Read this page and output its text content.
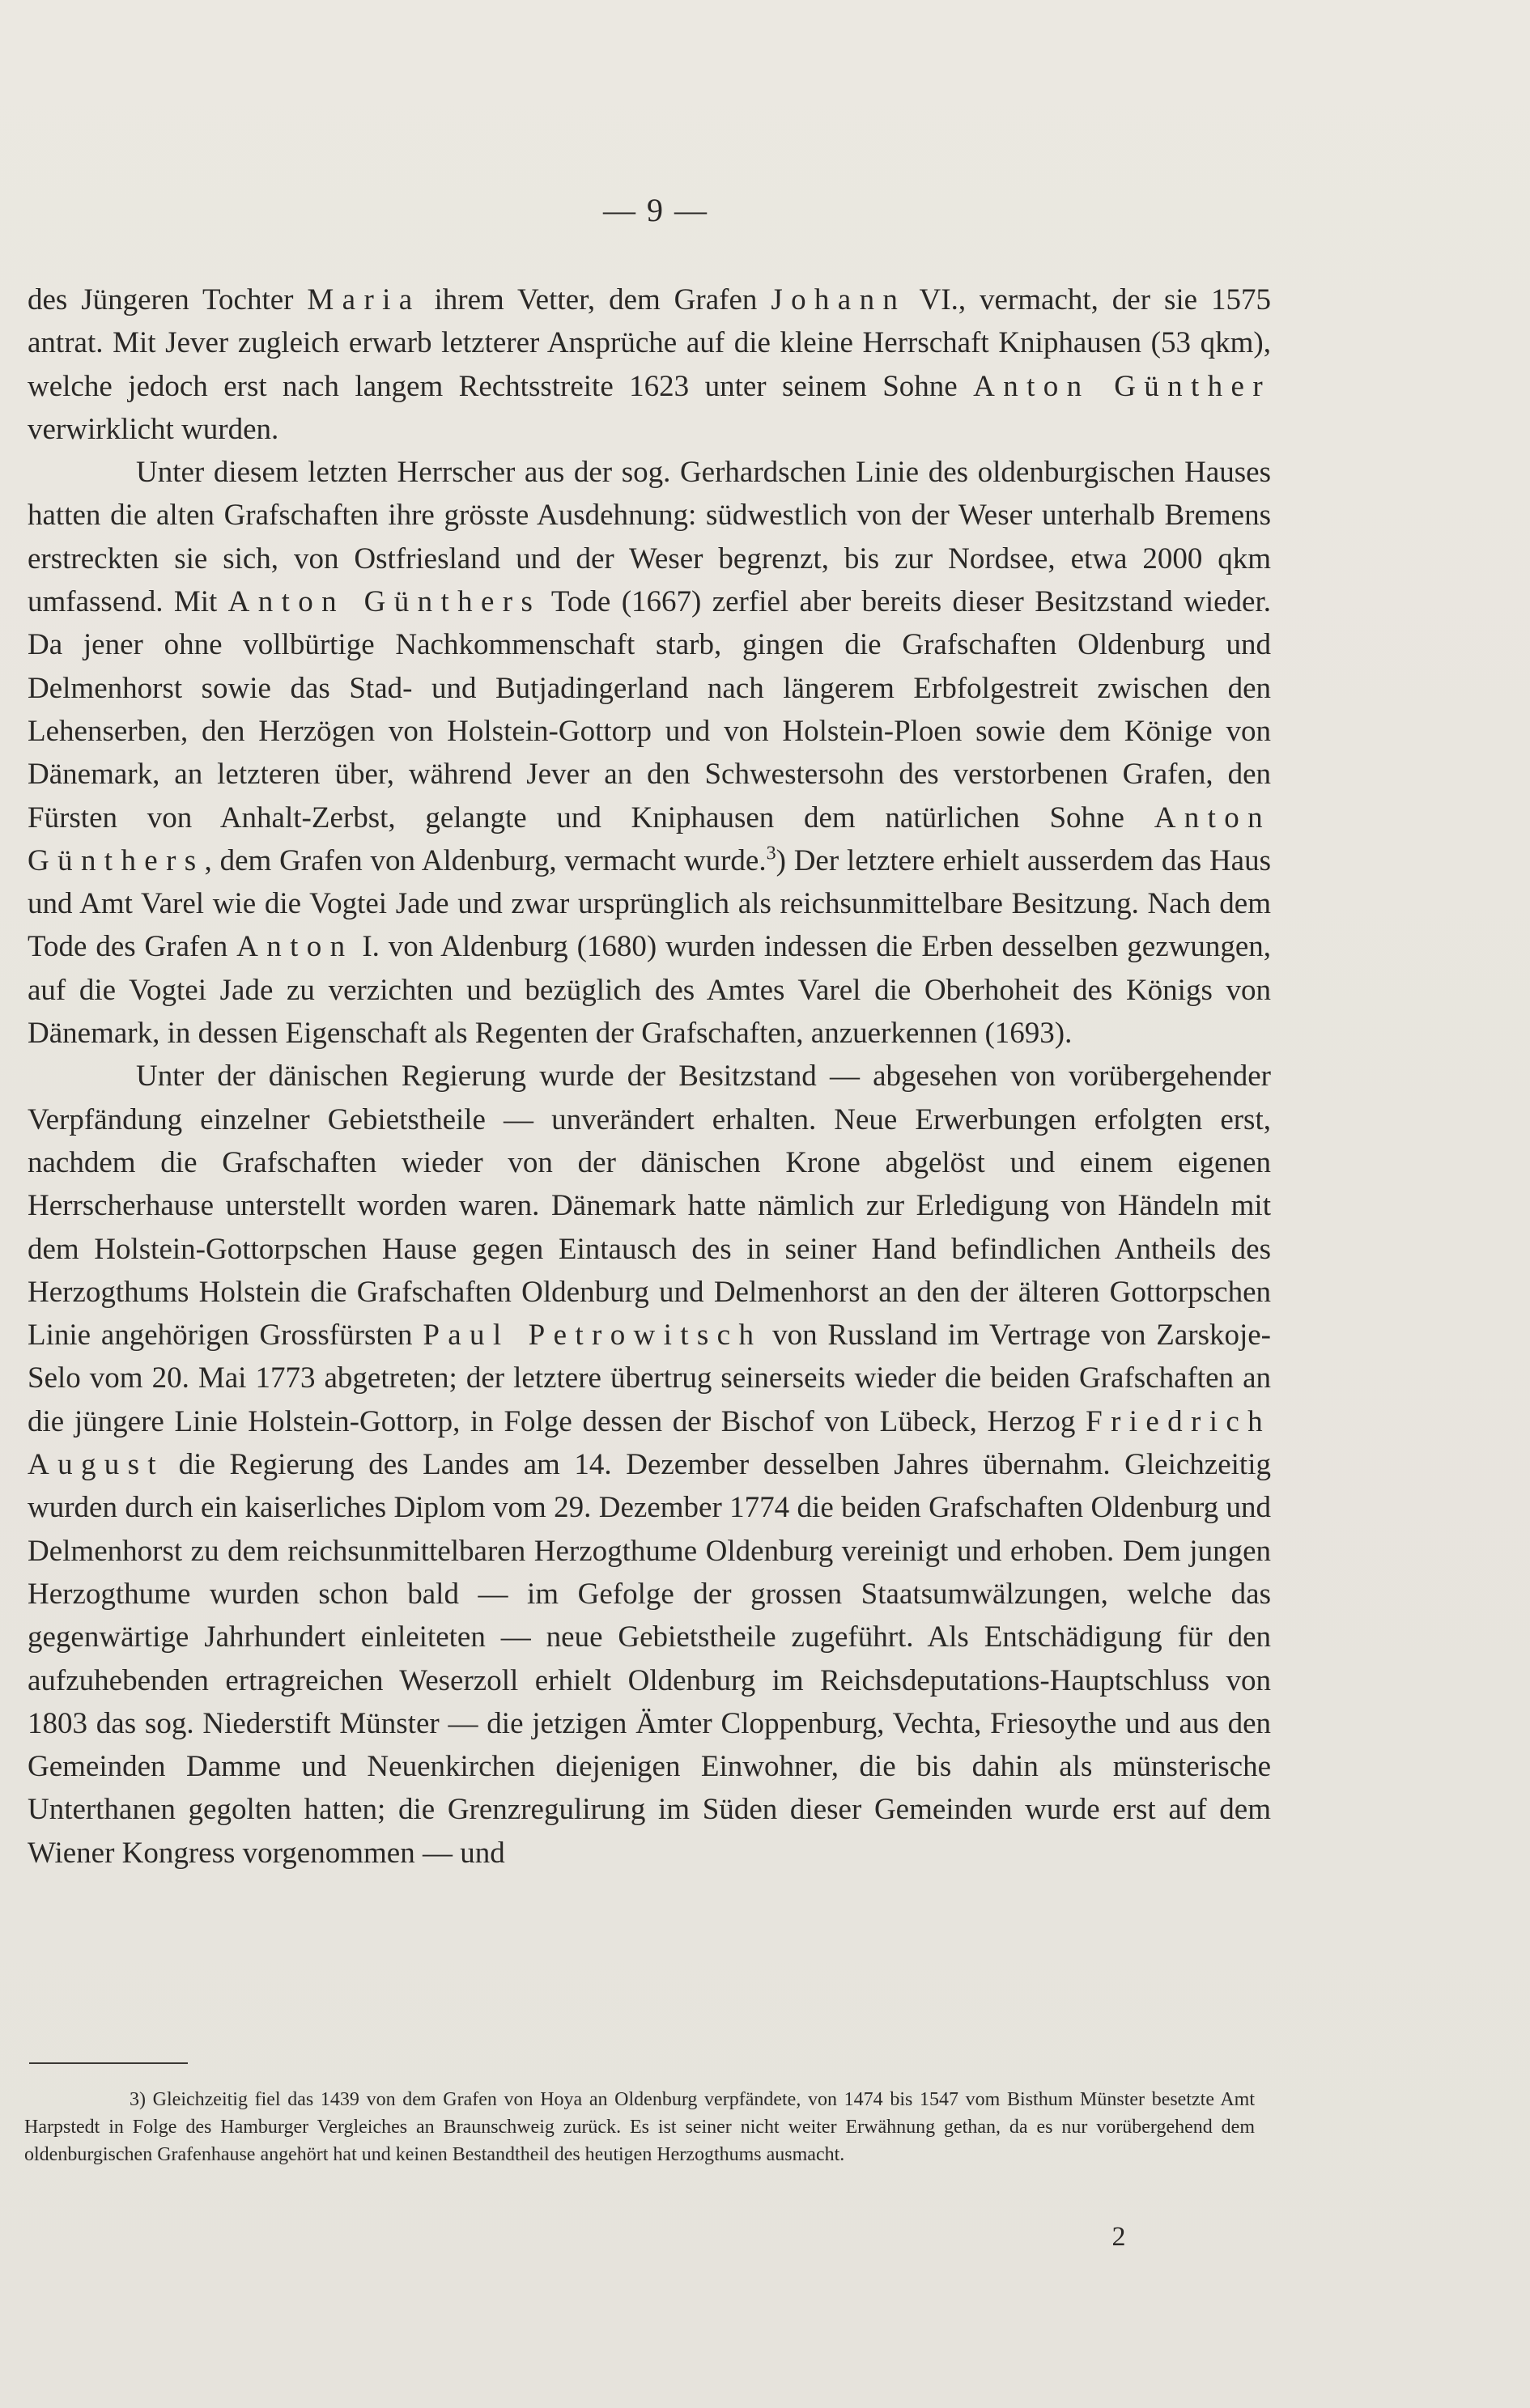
— 9 —

des Jüngeren Tochter Maria ihrem Vetter, dem Grafen Johann VI., vermacht, der sie 1575 antrat. Mit Jever zugleich erwarb letzterer Ansprüche auf die kleine Herrschaft Kniphausen (53 qkm), welche jedoch erst nach langem Rechtsstreite 1623 unter seinem Sohne Anton Günther verwirklicht wurden.

Unter diesem letzten Herrscher aus der sog. Gerhardschen Linie des oldenburgischen Hauses hatten die alten Grafschaften ihre grösste Ausdehnung: südwestlich von der Weser unterhalb Bremens erstreckten sie sich, von Ostfriesland und der Weser begrenzt, bis zur Nordsee, etwa 2000 qkm umfassend. Mit Anton Günthers Tode (1667) zerfiel aber bereits dieser Besitzstand wieder. Da jener ohne vollbürtige Nachkommenschaft starb, gingen die Grafschaften Oldenburg und Delmenhorst sowie das Stad- und Butjadingerland nach längerem Erbfolgestreit zwischen den Lehenserben, den Herzögen von Holstein-Gottorp und von Holstein-Ploen sowie dem Könige von Dänemark, an letzteren über, während Jever an den Schwestersohn des verstorbenen Grafen, den Fürsten von Anhalt-Zerbst, gelangte und Kniphausen dem natürlichen Sohne Anton Günthers, dem Grafen von Aldenburg, vermacht wurde.$^3$) Der letztere erhielt ausserdem das Haus und Amt Varel wie die Vogtei Jade und zwar ursprünglich als reichsunmittelbare Besitzung. Nach dem Tode des Grafen Anton I. von Aldenburg (1680) wurden indessen die Erben desselben gezwungen, auf die Vogtei Jade zu verzichten und bezüglich des Amtes Varel die Oberhoheit des Königs von Dänemark, in dessen Eigenschaft als Regenten der Grafschaften, anzuerkennen (1693).

Unter der dänischen Regierung wurde der Besitzstand — abgesehen von vorübergehender Verpfändung einzelner Gebietstheile — unverändert erhalten. Neue Erwerbungen erfolgten erst, nachdem die Grafschaften wieder von der dänischen Krone abgelöst und einem eigenen Herrscherhause unterstellt worden waren. Dänemark hatte nämlich zur Erledigung von Händeln mit dem Holstein-Gottorpschen Hause gegen Eintausch des in seiner Hand befindlichen Antheils des Herzogthums Holstein die Grafschaften Oldenburg und Delmenhorst an den der älteren Gottorpschen Linie angehörigen Grossfürsten Paul Petrowitsch von Russland im Vertrage von Zarskoje-Selo vom 20. Mai 1773 abgetreten; der letztere übertrug seinerseits wieder die beiden Grafschaften an die jüngere Linie Holstein-Gottorp, in Folge dessen der Bischof von Lübeck, Herzog Friedrich August die Regierung des Landes am 14. Dezember desselben Jahres übernahm. Gleichzeitig wurden durch ein kaiserliches Diplom vom 29. Dezember 1774 die beiden Grafschaften Oldenburg und Delmenhorst zu dem reichsunmittelbaren Herzogthume Oldenburg vereinigt und erhoben. Dem jungen Herzogthume wurden schon bald — im Gefolge der grossen Staatsumwälzungen, welche das gegenwärtige Jahrhundert einleiteten — neue Gebietstheile zugeführt. Als Entschädigung für den aufzuhebenden ertragreichen Weserzoll erhielt Oldenburg im Reichsdeputations-Hauptschluss von 1803 das sog. Niederstift Münster — die jetzigen Ämter Cloppenburg, Vechta, Friesoythe und aus den Gemeinden Damme und Neuenkirchen diejenigen Einwohner, die bis dahin als münsterische Unterthanen gegolten hatten; die Grenzregulirung im Süden dieser Gemeinden wurde erst auf dem Wiener Kongress vorgenommen — und

3) Gleichzeitig fiel das 1439 von dem Grafen von Hoya an Oldenburg verpfändete, von 1474 bis 1547 vom Bisthum Münster besetzte Amt Harpstedt in Folge des Hamburger Vergleiches an Braunschweig zurück. Es ist seiner nicht weiter Erwähnung gethan, da es nur vorübergehend dem oldenburgischen Grafenhause angehört hat und keinen Bestandtheil des heutigen Herzogthums ausmacht.

2
